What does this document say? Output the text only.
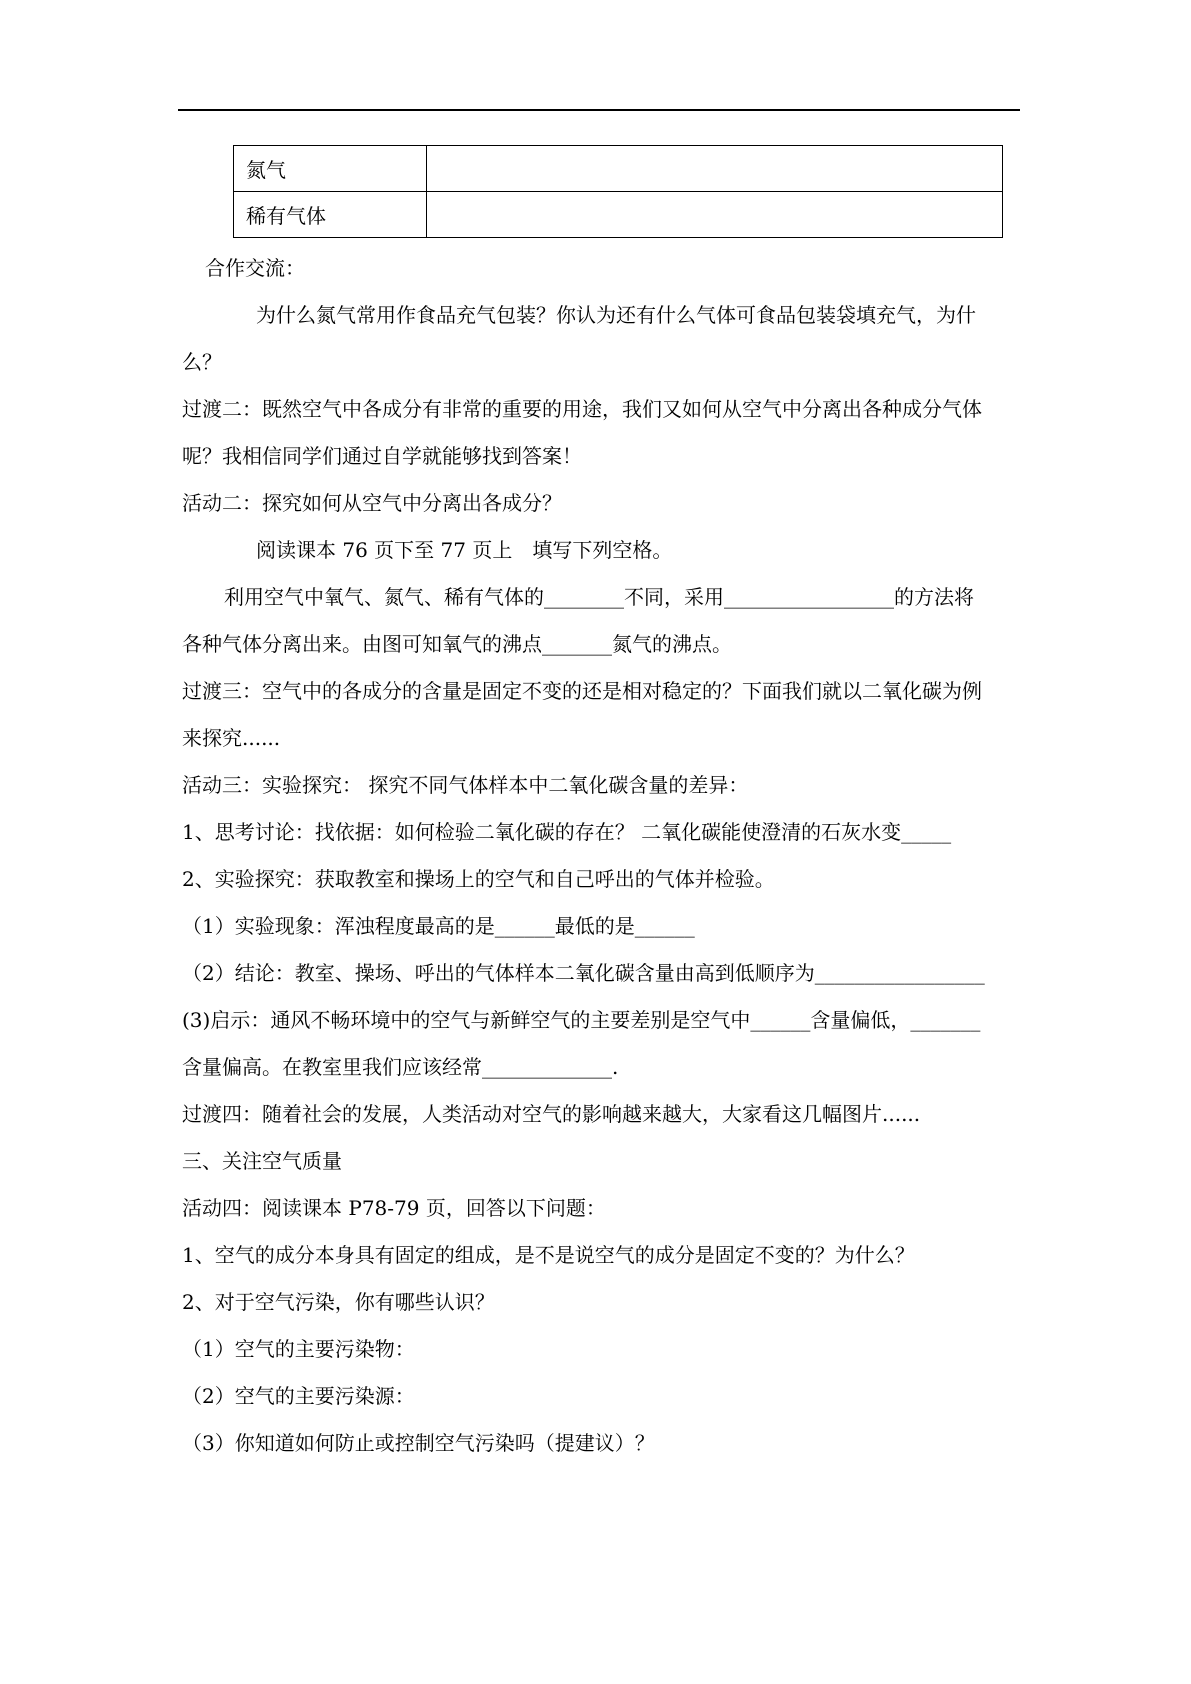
氮气	
稀有气体	
合作交流：
为什么氮气常用作食品充气包装？你认为还有什么气体可食品包装袋填充气，为什
么？
过渡二：既然空气中各成分有非常的重要的用途，我们又如何从空气中分离出各种成分气体
呢？我相信同学们通过自学就能够找到答案！
活动二：探究如何从空气中分离出各成分？
阅读课本 76 页下至 77 页上　填写下列空格。
利用空气中氧气、氮气、稀有气体的________不同，采用_________________的方法将
各种气体分离出来。由图可知氧气的沸点_______氮气的沸点。
过渡三：空气中的各成分的含量是固定不变的还是相对稳定的？下面我们就以二氧化碳为例
来探究......
活动三：实验探究： 探究不同气体样本中二氧化碳含量的差异：
1、思考讨论：找依据：如何检验二氧化碳的存在？ 二氧化碳能使澄清的石灰水变_____
2、实验探究：获取教室和操场上的空气和自己呼出的气体并检验。
（1）实验现象：浑浊程度最高的是______最低的是______
（2）结论：教室、操场、呼出的气体样本二氧化碳含量由高到低顺序为_________________
(3)启示：通风不畅环境中的空气与新鲜空气的主要差别是空气中______含量偏低，_______
含量偏高。在教室里我们应该经常_____________.
过渡四：随着社会的发展，人类活动对空气的影响越来越大，大家看这几幅图片......
三、关注空气质量
活动四：阅读课本 P78-79 页，回答以下问题：
1、空气的成分本身具有固定的组成，是不是说空气的成分是固定不变的？为什么？
2、对于空气污染，你有哪些认识？
（1）空气的主要污染物：
（2）空气的主要污染源：
（3）你知道如何防止或控制空气污染吗（提建议）？
